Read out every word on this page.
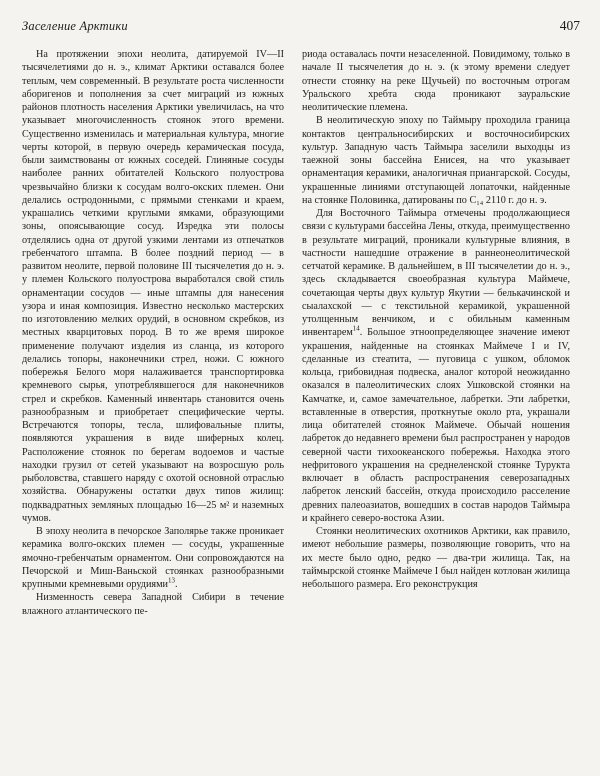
Заселение Арктики	407

На протяжении эпохи неолита, датируемой IV—II тысячелетиями до н. э., климат Арктики оставался более теплым, чем современный. В результате роста численности аборигенов и пополнения за счет миграций из южных районов плотность населения Арктики увеличилась, на что указывает многочисленность стоянок этого времени. Существенно изменилась и материальная культура, многие черты которой, в первую очередь керамическая посуда, были заимствованы от южных соседей. Глиняные сосуды наиболее ранних обитателей Кольского полуострова чрезвычайно близки к сосудам волго-окских племен. Они делались остродонными, с прямыми стенками и краем, украшались четкими круглыми ямками, образующими зоны, опоясывающие сосуд. Изредка эти полосы отделялись одна от другой узкими лентами из отпечатков гребенчатого штампа. В более поздний период — в развитом неолите, первой половине III тысячелетия до н. э. у племен Кольского полуострова выработался свой стиль орнаментации сосудов — иные штампы для нанесения узора и иная композиция. Известно несколько мастерских по изготовлению мелких орудий, в основном скребков, из местных кварцитовых пород. В то же время широкое применение получают изделия из сланца, из которого делались топоры, наконечники стрел, ножи. С южного побережья Белого моря налаживается транспортировка кремневого сырья, употреблявшегося для наконечников стрел и скребков. Каменный инвентарь становится очень разнообразным и приобретает специфические черты. Встречаются топоры, тесла, шлифовальные плиты, появляются украшения в виде шиферных колец. Расположение стоянок по берегам водоемов и частые находки грузил от сетей указывают на возросшую роль рыболовства, ставшего наряду с охотой основной отраслью хозяйства. Обнаружены остатки двух типов жилищ: подквадратных земляных площадью 16—25 м² и наземных чумов.

В эпоху неолита в печорское Заполярье также проникает керамика волго-окских племен — сосуды, украшенные ямочно-гребенчатым орнаментом. Они сопровождаются на Печорской и Миш-Ваньской стоянках разнообразными крупными кремневыми орудиями$^{13}$.

Низменность севера Западной Сибири в течение влажного атлантического пе-

риода оставалась почти незаселенной. Повидимому, только в начале II тысячелетия до н. э. (к этому времени следует отнести стоянку на реке Щучьей) по восточным отрогам Уральского хребта сюда проникают зауральские неолитические племена.

В неолитическую эпоху по Таймыру проходила граница контактов центральносибирских и восточносибирских культур. Западную часть Таймыра заселили выходцы из таежной зоны бассейна Енисея, на что указывает орнаментация керамики, аналогичная приангарской. Сосуды, украшенные линиями отступающей лопаточки, найденные на стоянке Половинка, датированы по C₁₄ 2110 г. до н. э.

Для Восточного Таймыра отмечены продолжающиеся связи с культурами бассейна Лены, откуда, преимущественно в результате миграций, проникали культурные влияния, в частности нашедшие отражение в раннеонеолитической сетчатой керамике. В дальнейшем, в III тысячелетии до н. э., здесь складывается своеобразная культура Маймече, сочетающая черты двух культур Якутии — белькачинской и сыалахской — с текстильной керамикой, украшенной утолщенным венчиком, и с обильным каменным инвентарем$^{14}$. Большое этноопределяющее значение имеют украшения, найденные на стоянках Маймече I и IV, сделанные из стеатита, — пуговица с ушком, обломок кольца, грибовидная подвеска, аналог которой неожиданно оказался в палеолитических слоях Ушковской стоянки на Камчатке, и, самое замечательное, лабретки. Эти лабретки, вставленные в отверстия, проткнутые около рта, украшали лица обитателей стоянок Маймече. Обычай ношения лабреток до недавнего времени был распространен у народов северной части тихоокеанского побережья. Находка этого нефритового украшения на среднеленской стоянке Турукта включает в область распространения северозападных лабреток ленский бассейн, откуда происходило расселение древних палеоазиатов, вошедших в состав народов Таймыра и крайнего северо-востока Азии.

Стоянки неолитических охотников Арктики, как правило, имеют небольшие размеры, позволяющие говорить, что на их месте было одно, редко — два-три жилища. Так, на таймырской стоянке Маймече I был найден котлован жилища небольшого размера. Его реконструкция
